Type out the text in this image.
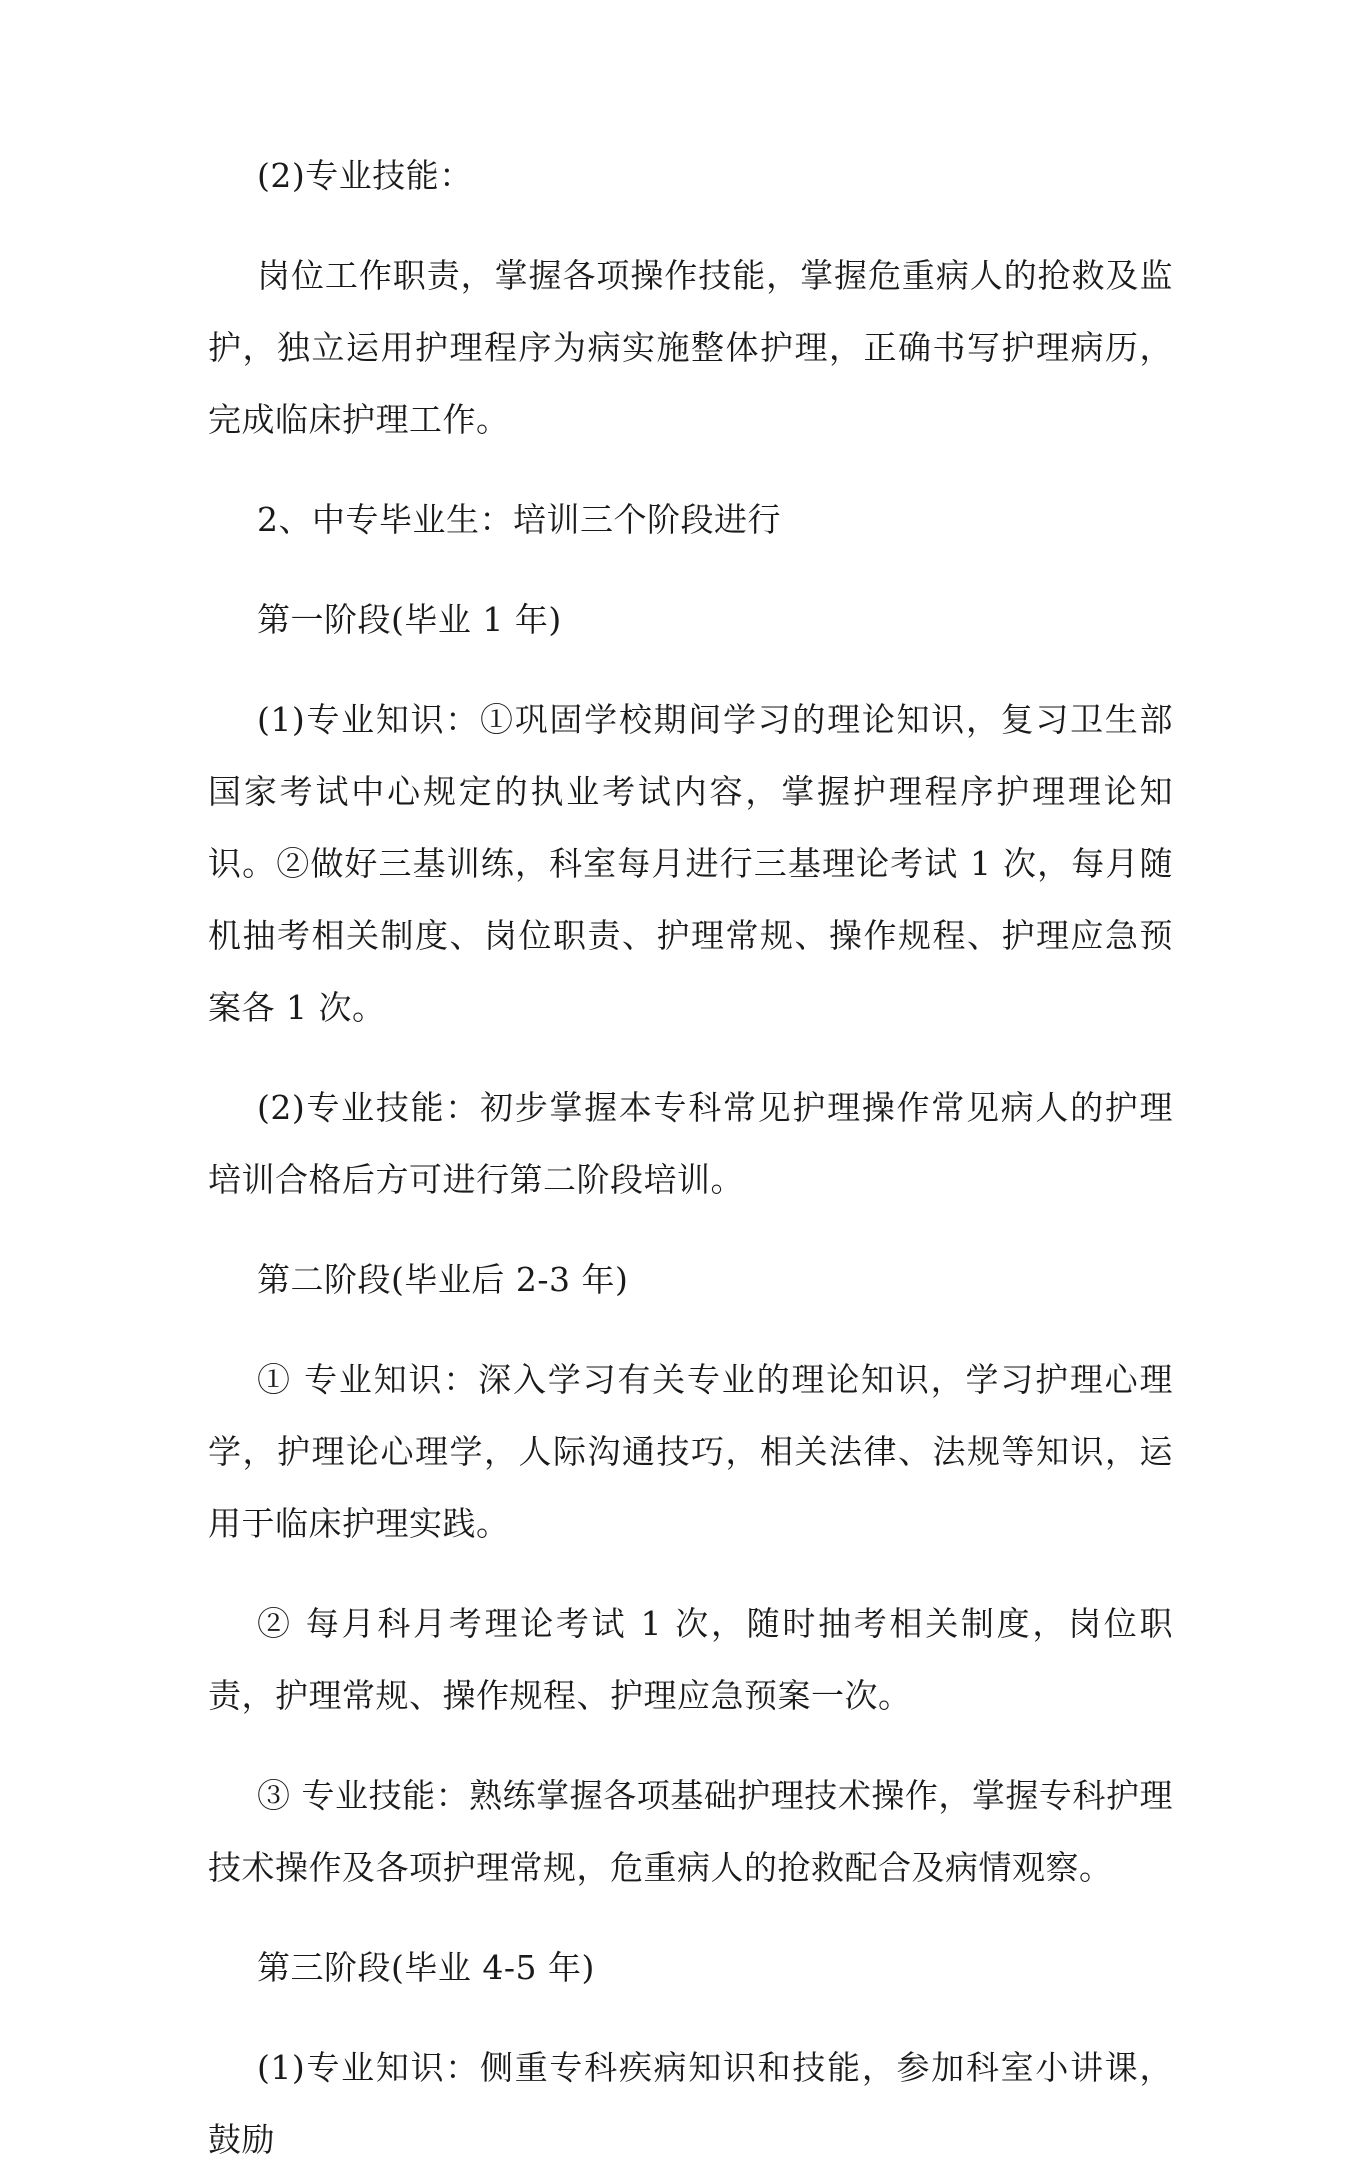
(2)专业技能：

岗位工作职责，掌握各项操作技能，掌握危重病人的抢救及监护，独立运用护理程序为病实施整体护理，正确书写护理病历，完成临床护理工作。

2、中专毕业生：培训三个阶段进行

第一阶段(毕业 1 年)

(1)专业知识：①巩固学校期间学习的理论知识，复习卫生部国家考试中心规定的执业考试内容，掌握护理程序护理理论知识。②做好三基训练，科室每月进行三基理论考试 1 次，每月随机抽考相关制度、岗位职责、护理常规、操作规程、护理应急预案各 1 次。

(2)专业技能：初步掌握本专科常见护理操作常见病人的护理培训合格后方可进行第二阶段培训。

第二阶段(毕业后 2-3 年)

① 专业知识：深入学习有关专业的理论知识，学习护理心理学，护理论心理学，人际沟通技巧，相关法律、法规等知识，运用于临床护理实践。

② 每月科月考理论考试 1 次，随时抽考相关制度，岗位职责，护理常规、操作规程、护理应急预案一次。

③ 专业技能：熟练掌握各项基础护理技术操作，掌握专科护理技术操作及各项护理常规，危重病人的抢救配合及病情观察。

第三阶段(毕业 4-5 年)

(1)专业知识：侧重专科疾病知识和技能，参加科室小讲课，鼓励
